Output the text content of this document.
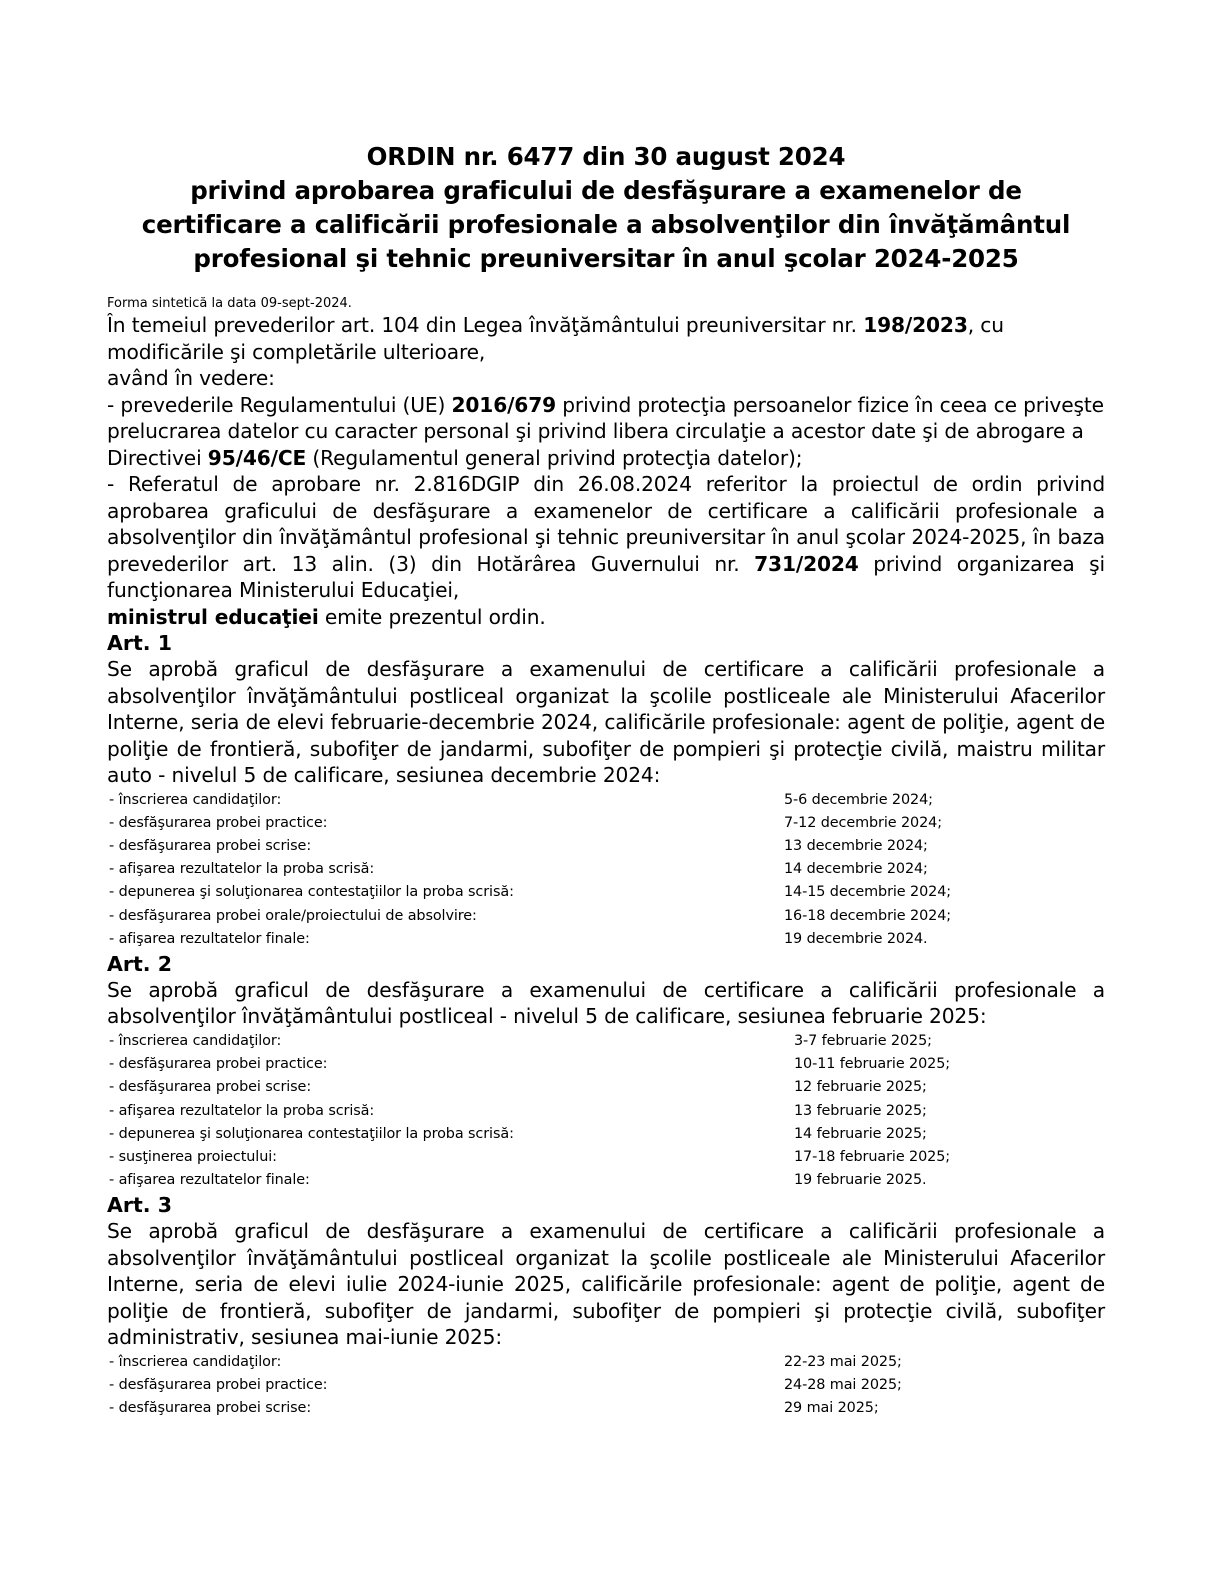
ORDIN nr. 6477 din 30 august 2024
privind aprobarea graficului de desfăşurare a examenelor de
certificare a calificării profesionale a absolvenţilor din învăţământul
profesional şi tehnic preuniversitar în anul şcolar 2024-2025

Forma sintetică la data 09-sept-2024.

În temeiul prevederilor art. 104 din Legea învăţământului preuniversitar nr. 198/2023, cu

modificările şi completările ulterioare,

având în vedere:

- prevederile Regulamentului (UE) 2016/679 privind protecţia persoanelor fizice în ceea ce priveşte prelucrarea datelor cu caracter personal şi privind libera circulaţie a acestor date şi de abrogare a Directivei 95/46/CE (Regulamentul general privind protecţia datelor);

- Referatul de aprobare nr. 2.816DGIP din 26.08.2024 referitor la proiectul de ordin privind aprobarea graficului de desfăşurare a examenelor de certificare a calificării profesionale a absolvenţilor din învăţământul profesional şi tehnic preuniversitar în anul şcolar 2024-2025, în baza prevederilor art. 13 alin. (3) din Hotărârea Guvernului nr. 731/2024 privind organizarea şi funcţionarea Ministerului Educaţiei,

ministrul educaţiei emite prezentul ordin.

Art. 1

Se aprobă graficul de desfăşurare a examenului de certificare a calificării profesionale a absolvenţilor învăţământului postliceal organizat la şcolile postliceale ale Ministerului Afacerilor Interne, seria de elevi februarie-decembrie 2024, calificările profesionale: agent de poliţie, agent de poliţie de frontieră, subofiţer de jandarmi, subofiţer de pompieri şi protecţie civilă, maistru militar auto - nivelul 5 de calificare, sesiunea decembrie 2024:

- înscrierea candidaţilor:	5-6 decembrie 2024;
- desfăşurarea probei practice:	7-12 decembrie 2024;
- desfăşurarea probei scrise:	13 decembrie 2024;
- afişarea rezultatelor la proba scrisă:	14 decembrie 2024;
- depunerea şi soluţionarea contestaţiilor la proba scrisă:	14-15 decembrie 2024;
- desfăşurarea probei orale/proiectului de absolvire:	16-18 decembrie 2024;
- afişarea rezultatelor finale:	19 decembrie 2024.

Art. 2

Se aprobă graficul de desfăşurare a examenului de certificare a calificării profesionale a absolvenţilor învăţământului postliceal - nivelul 5 de calificare, sesiunea februarie 2025:

- înscrierea candidaţilor:	3-7 februarie 2025;
- desfăşurarea probei practice:	10-11 februarie 2025;
- desfăşurarea probei scrise:	12 februarie 2025;
- afişarea rezultatelor la proba scrisă:	13 februarie 2025;
- depunerea şi soluţionarea contestaţiilor la proba scrisă:	14 februarie 2025;
- susţinerea proiectului:	17-18 februarie 2025;
- afişarea rezultatelor finale:	19 februarie 2025.

Art. 3

Se aprobă graficul de desfăşurare a examenului de certificare a calificării profesionale a absolvenţilor învăţământului postliceal organizat la şcolile postliceale ale Ministerului Afacerilor Interne, seria de elevi iulie 2024-iunie 2025, calificările profesionale: agent de poliţie, agent de poliţie de frontieră, subofiţer de jandarmi, subofiţer de pompieri şi protecţie civilă, subofiţer administrativ, sesiunea mai-iunie 2025:

- înscrierea candidaţilor:	22-23 mai 2025;
- desfăşurarea probei practice:	24-28 mai 2025;
- desfăşurarea probei scrise:	29 mai 2025;
